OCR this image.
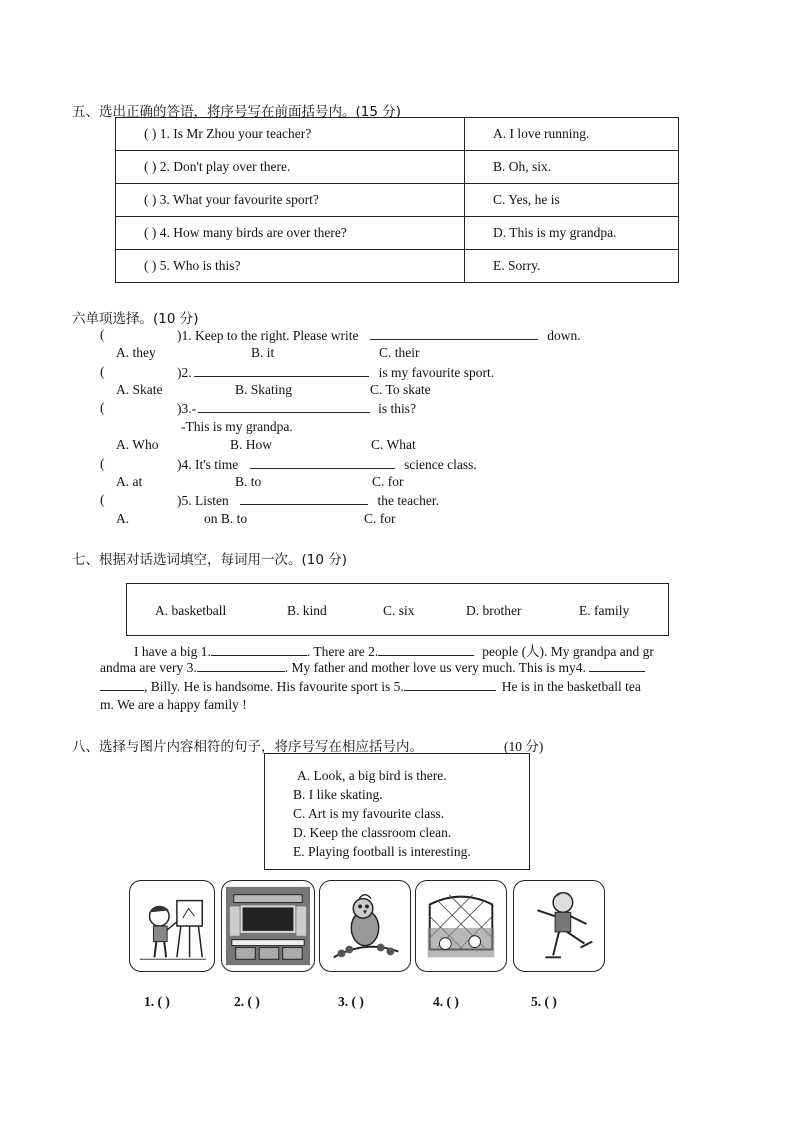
五、选出正确的答语，将序号写在前面括号内。(15 分)
( ) 1. Is Mr Zhou your teacher?	A. I love running.
( ) 2. Don't play over there.	B. Oh, six.
( ) 3. What your favourite sport?	C. Yes, he is
( ) 4. How many birds are over there?	D. This is my grandpa.
( ) 5. Who is this?	E. Sorry.
六单项选择。(10 分)
(	)1. Keep to the right. Please write	down.
A. they	B. it	C. their
(	)2.	is my favourite sport.
A. Skate	B. Skating	C. To skate
(	)3.-	is this?
-This is my grandpa.
A. Who	B. How	C. What
(	)4. It's time	science class.
A. at	B. to	C. for
(	)5. Listen	the teacher.
A.	on B. to	C. for
七、根据对话选词填空，每词用一次。(10 分)
A. basketball	B. kind	C. six	D. brother	E. family
I have a big 1.	. There are 2.	people (人). My grandpa and gr
andma are very 3.	. My father and mother love us very much. This is my4.
, Billy. He is handsome. His favourite sport is 5.	He is in the basketball tea
m. We are a happy family !
八、选择与图片内容相符的句子，将序号写在相应括号内。	(10 分)
A. Look, a big bird is there.
B. I like skating.
C. Art is my favourite class.
D. Keep the classroom clean.
E. Playing football is interesting.
1. ( )	2. ( )	3. ( )	4. ( )	5. ( )
